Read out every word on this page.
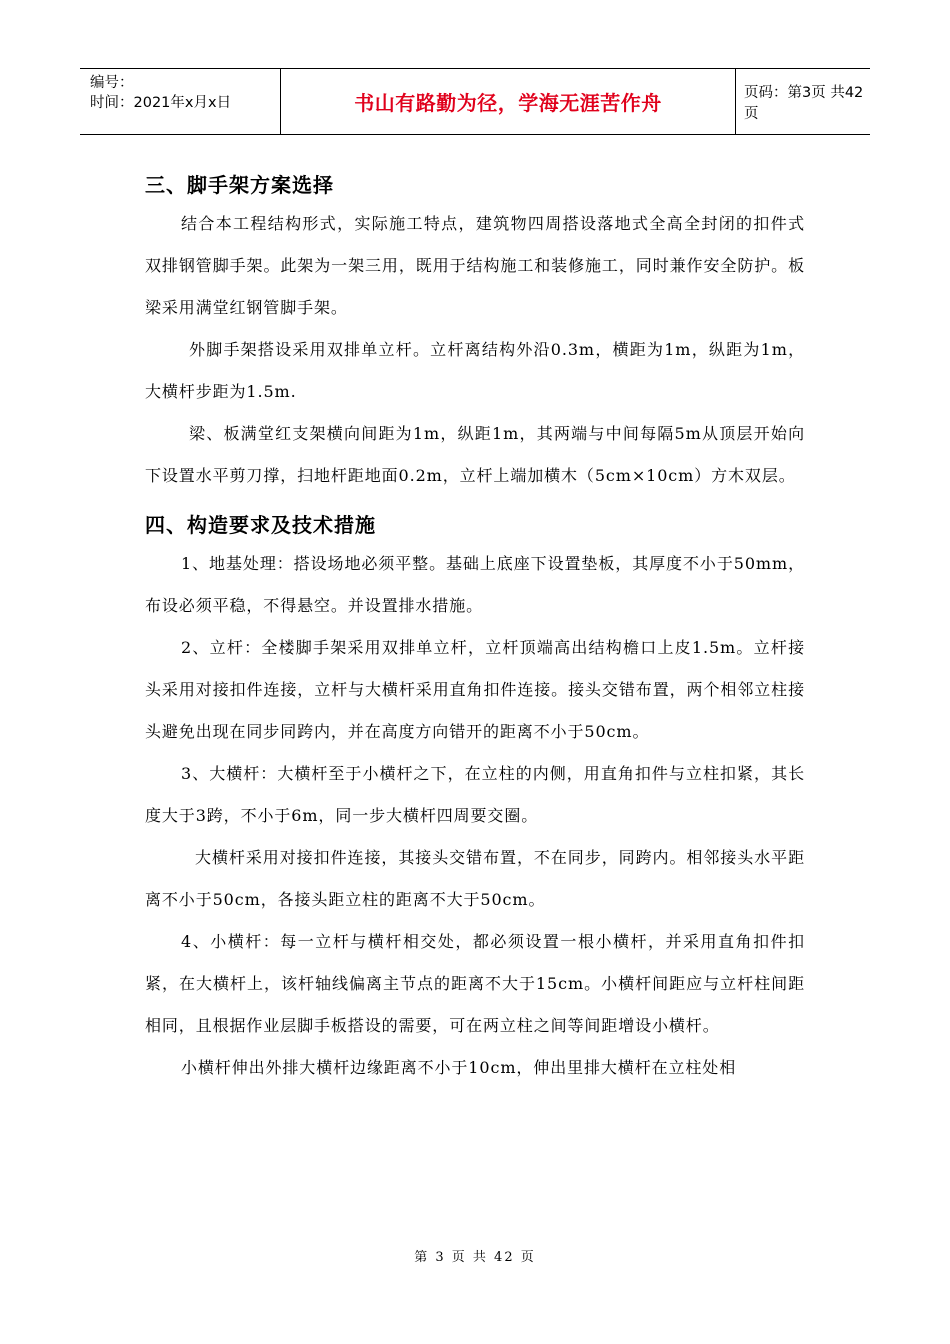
编号：
时间：2021年x月x日	书山有路勤为径，学海无涯苦作舟	页码：第3页 共42页
三、脚手架方案选择

结合本工程结构形式，实际施工特点，建筑物四周搭设落地式全高全封闭的扣件式双排钢管脚手架。此架为一架三用，既用于结构施工和装修施工，同时兼作安全防护。板梁采用满堂红钢管脚手架。

外脚手架搭设采用双排单立杆。立杆离结构外沿0.3m，横距为1m，纵距为1m，大横杆步距为1.5m.

梁、板满堂红支架横向间距为1m，纵距1m，其两端与中间每隔5m从顶层开始向下设置水平剪刀撑，扫地杆距地面0.2m，立杆上端加横木（5cm×10cm）方木双层。

四、构造要求及技术措施

1、地基处理：搭设场地必须平整。基础上底座下设置垫板，其厚度不小于50mm，布设必须平稳，不得悬空。并设置排水措施。

2、立杆：全楼脚手架采用双排单立杆，立杆顶端高出结构檐口上皮1.5m。立杆接头采用对接扣件连接，立杆与大横杆采用直角扣件连接。接头交错布置，两个相邻立柱接头避免出现在同步同跨内，并在高度方向错开的距离不小于50cm。

3、大横杆：大横杆至于小横杆之下，在立柱的内侧，用直角扣件与立柱扣紧，其长度大于3跨，不小于6m，同一步大横杆四周要交圈。

大横杆采用对接扣件连接，其接头交错布置，不在同步，同跨内。相邻接头水平距离不小于50cm，各接头距立柱的距离不大于50cm。

4、小横杆：每一立杆与横杆相交处，都必须设置一根小横杆，并采用直角扣件扣紧，在大横杆上，该杆轴线偏离主节点的距离不大于15cm。小横杆间距应与立杆柱间距相同，且根据作业层脚手板搭设的需要，可在两立柱之间等间距增设小横杆。

小横杆伸出外排大横杆边缘距离不小于10cm，伸出里排大横杆在立柱处相

第 3 页 共 42 页
